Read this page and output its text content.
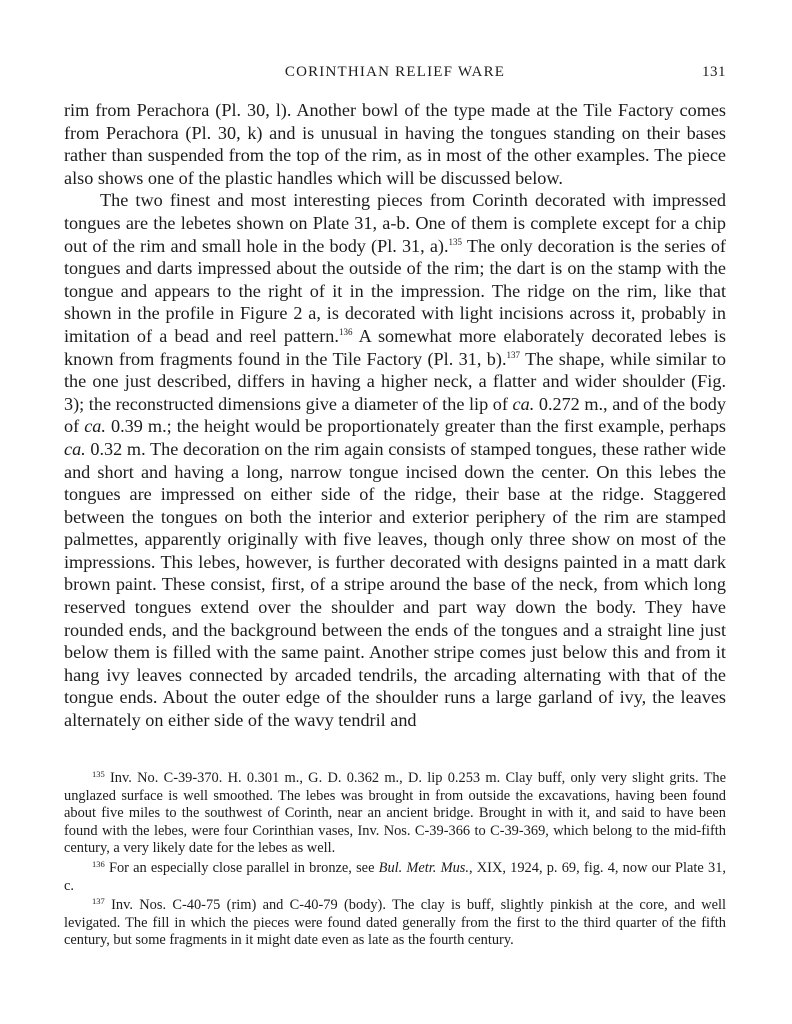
CORINTHIAN RELIEF WARE	131

rim from Perachora (Pl. 30, l). Another bowl of the type made at the Tile Factory comes from Perachora (Pl. 30, k) and is unusual in having the tongues standing on their bases rather than suspended from the top of the rim, as in most of the other examples. The piece also shows one of the plastic handles which will be discussed below.

The two finest and most interesting pieces from Corinth decorated with impressed tongues are the lebetes shown on Plate 31, a-b. One of them is complete except for a chip out of the rim and small hole in the body (Pl. 31, a).$^{135}$ The only decoration is the series of tongues and darts impressed about the outside of the rim; the dart is on the stamp with the tongue and appears to the right of it in the impression. The ridge on the rim, like that shown in the profile in Figure 2 a, is decorated with light incisions across it, probably in imitation of a bead and reel pattern.$^{136}$ A somewhat more elaborately decorated lebes is known from fragments found in the Tile Factory (Pl. 31, b).$^{137}$ The shape, while similar to the one just described, differs in having a higher neck, a flatter and wider shoulder (Fig. 3); the reconstructed dimensions give a diameter of the lip of ca. 0.272 m., and of the body of ca. 0.39 m.; the height would be proportionately greater than the first example, perhaps ca. 0.32 m. The decoration on the rim again consists of stamped tongues, these rather wide and short and having a long, narrow tongue incised down the center. On this lebes the tongues are impressed on either side of the ridge, their base at the ridge. Staggered between the tongues on both the interior and exterior periphery of the rim are stamped palmettes, apparently originally with five leaves, though only three show on most of the impressions. This lebes, however, is further decorated with designs painted in a matt dark brown paint. These consist, first, of a stripe around the base of the neck, from which long reserved tongues extend over the shoulder and part way down the body. They have rounded ends, and the background between the ends of the tongues and a straight line just below them is filled with the same paint. Another stripe comes just below this and from it hang ivy leaves connected by arcaded tendrils, the arcading alternating with that of the tongue ends. About the outer edge of the shoulder runs a large garland of ivy, the leaves alternately on either side of the wavy tendril and

$^{135}$ Inv. No. C-39-370. H. 0.301 m., G. D. 0.362 m., D. lip 0.253 m. Clay buff, only very slight grits. The unglazed surface is well smoothed. The lebes was brought in from outside the excavations, having been found about five miles to the southwest of Corinth, near an ancient bridge. Brought in with it, and said to have been found with the lebes, were four Corinthian vases, Inv. Nos. C-39-366 to C-39-369, which belong to the mid-fifth century, a very likely date for the lebes as well.

$^{136}$ For an especially close parallel in bronze, see Bul. Metr. Mus., XIX, 1924, p. 69, fig. 4, now our Plate 31, c.

$^{137}$ Inv. Nos. C-40-75 (rim) and C-40-79 (body). The clay is buff, slightly pinkish at the core, and well levigated. The fill in which the pieces were found dated generally from the first to the third quarter of the fifth century, but some fragments in it might date even as late as the fourth century.
